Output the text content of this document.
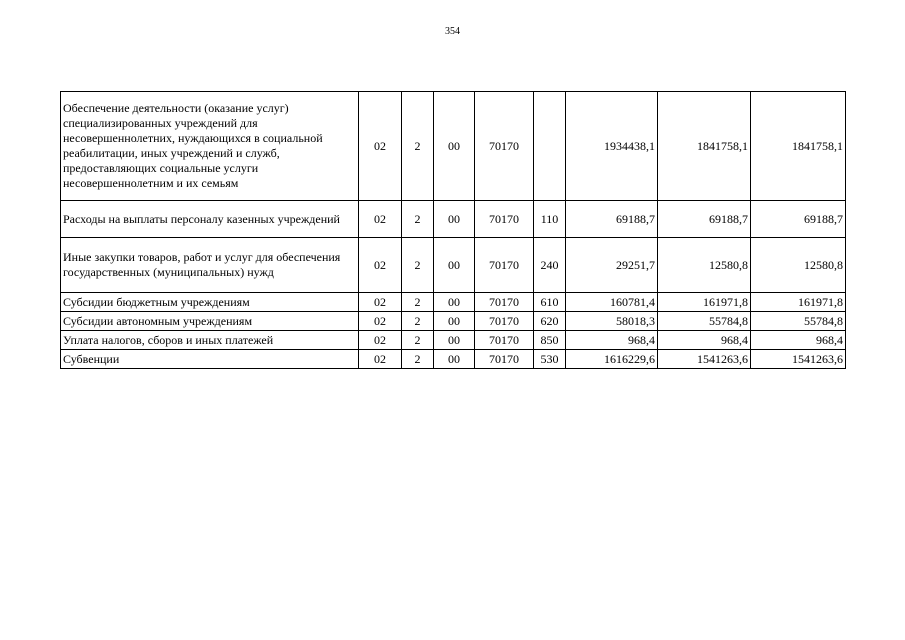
354
Обеспечение деятельности (оказание услуг) специализированных учреждений для несовершеннолетних, нуждающихся в социальной реабилитации, иных учреждений и служб, предоставляющих социальные услуги несовершеннолетним и их семьям	02	2	00	70170		1934438,1	1841758,1	1841758,1
Расходы на выплаты персоналу казенных учреждений	02	2	00	70170	110	69188,7	69188,7	69188,7
Иные закупки товаров, работ и услуг для обеспечения государственных (муниципальных) нужд	02	2	00	70170	240	29251,7	12580,8	12580,8
Субсидии бюджетным учреждениям	02	2	00	70170	610	160781,4	161971,8	161971,8
Субсидии автономным учреждениям	02	2	00	70170	620	58018,3	55784,8	55784,8
Уплата налогов, сборов и иных платежей	02	2	00	70170	850	968,4	968,4	968,4
Субвенции	02	2	00	70170	530	1616229,6	1541263,6	1541263,6
